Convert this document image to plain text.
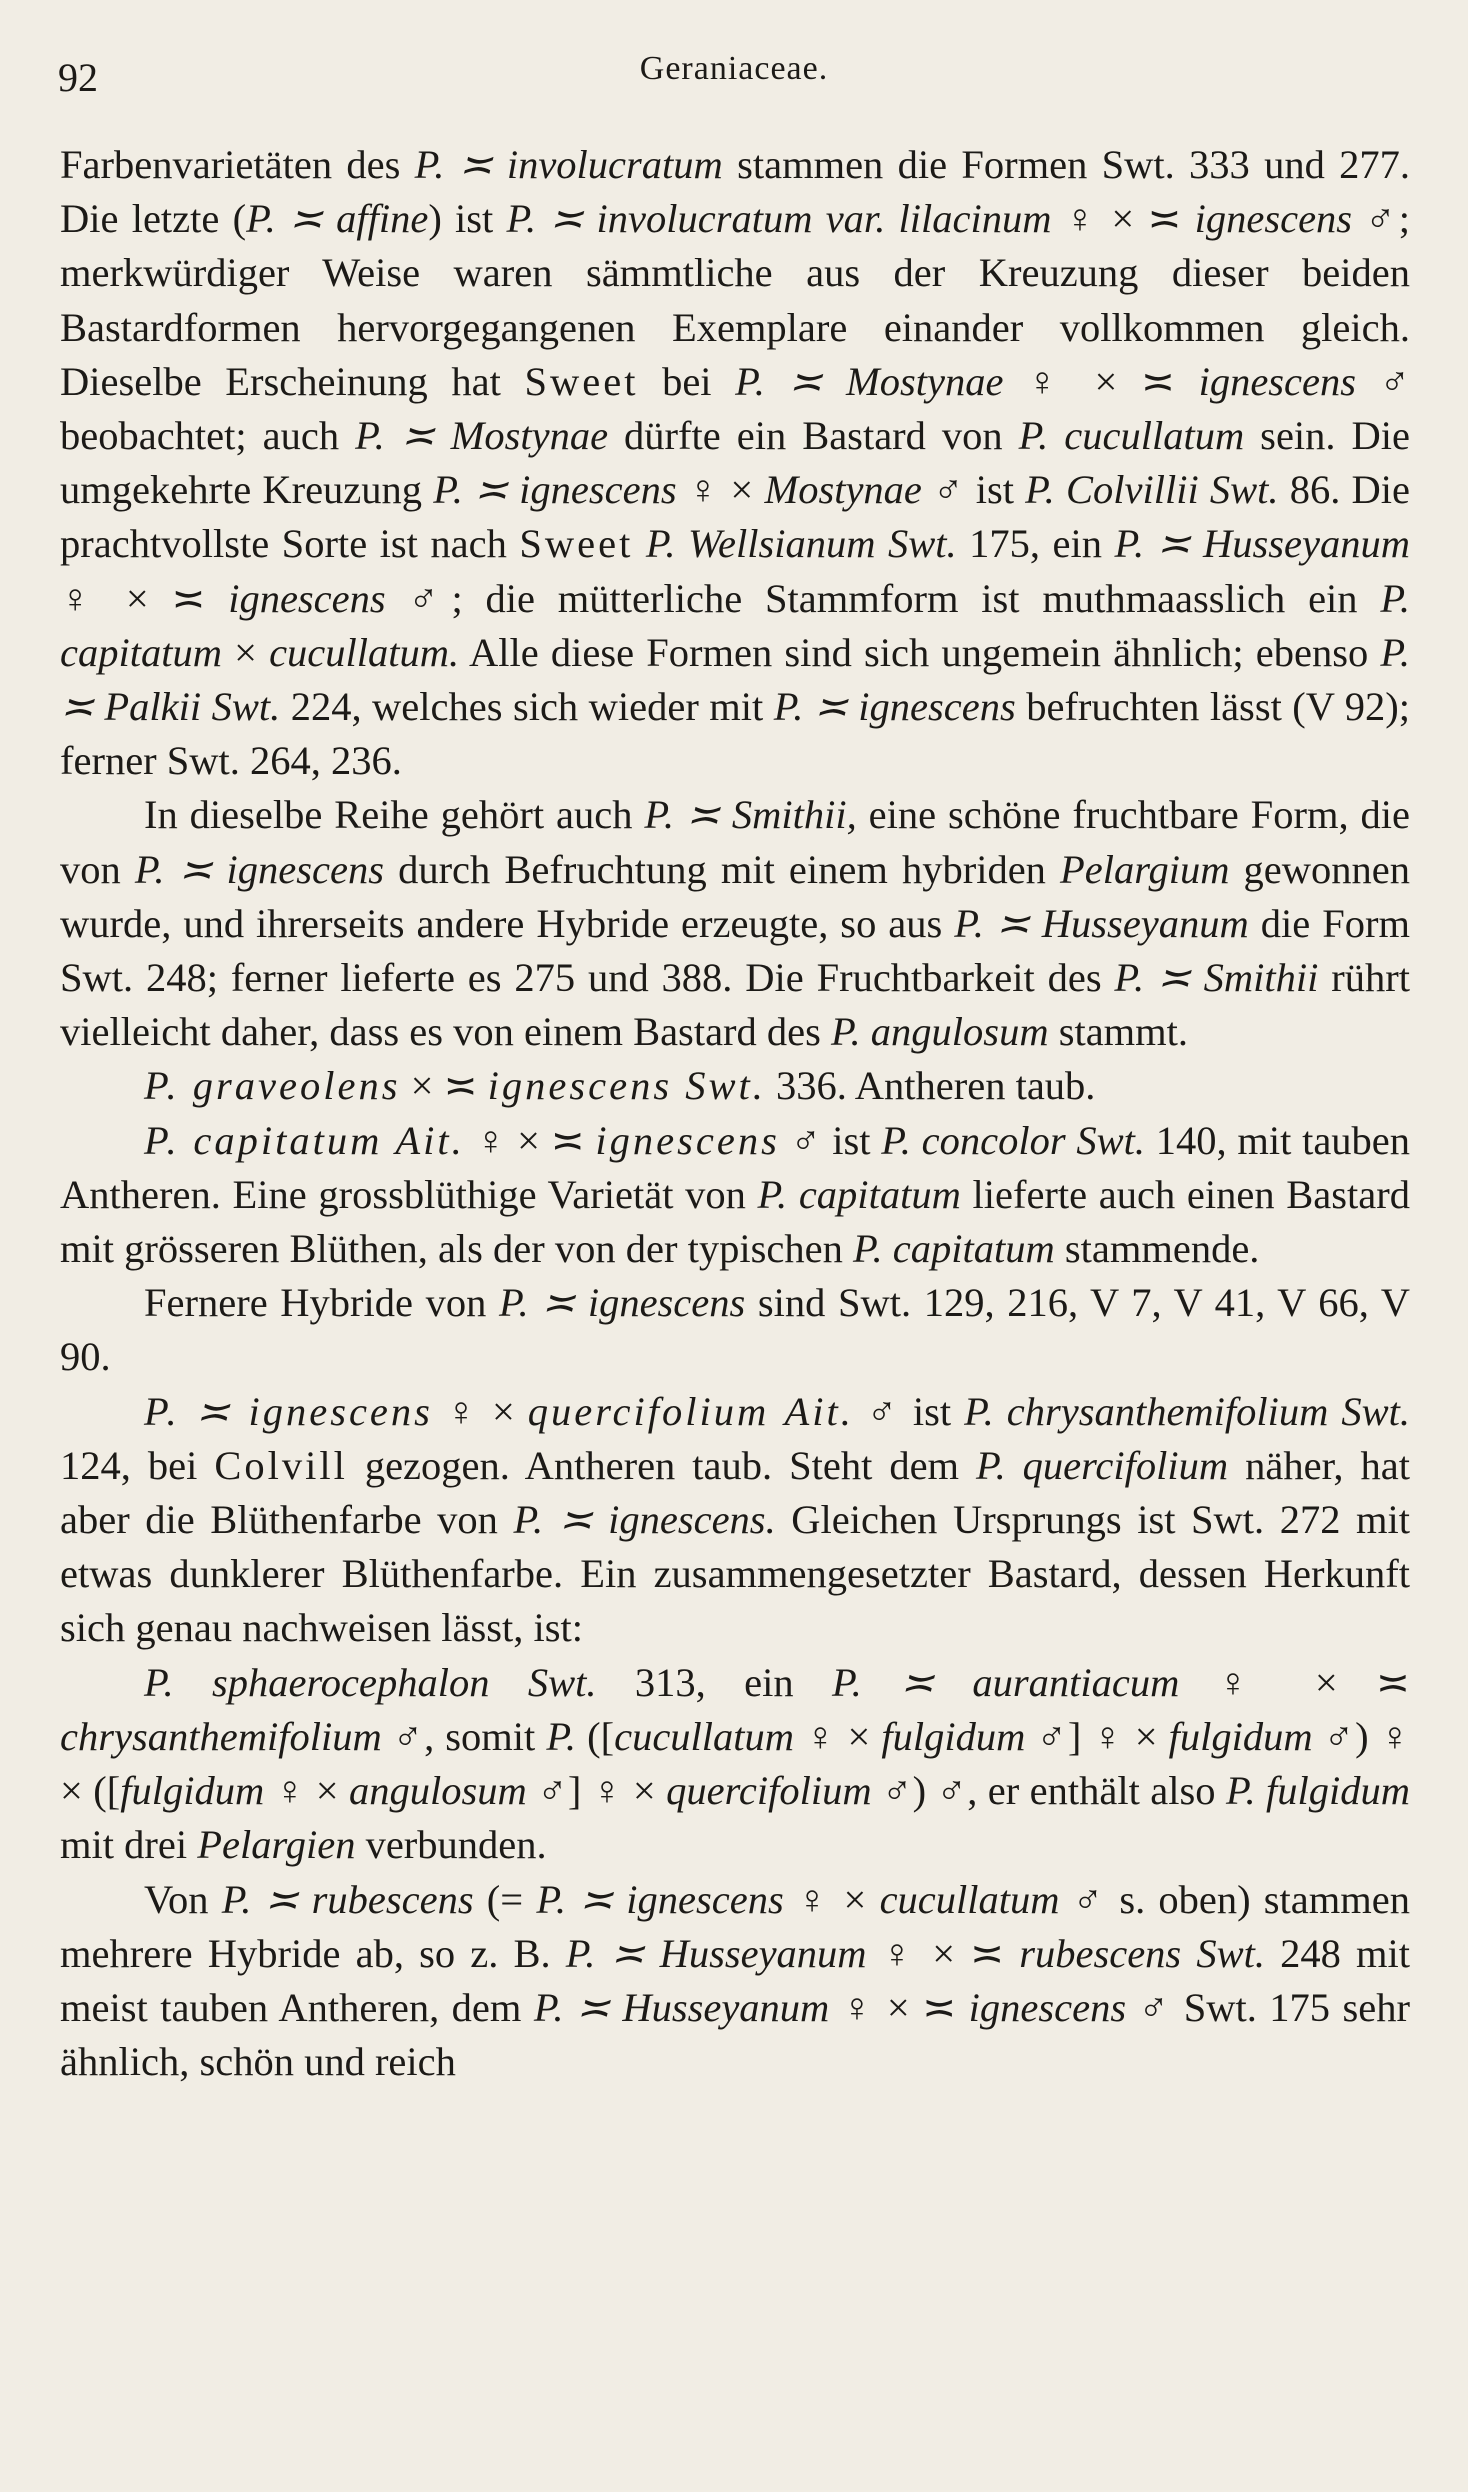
92	Geraniaceae.

Farbenvarietäten des P. ≍ involucratum stammen die Formen Swt. 333 und 277. Die letzte (P. ≍ affine) ist P. ≍ involucratum var. lilacinum ♀ × ≍ ignescens ♂; merkwürdiger Weise waren sämmtliche aus der Kreuzung dieser beiden Bastardformen hervorgegangenen Exemplare einander vollkommen gleich. Dieselbe Erscheinung hat Sweet bei P. ≍ Mostynae ♀ × ≍ ignescens ♂ beobachtet; auch P. ≍ Mostynae dürfte ein Bastard von P. cucullatum sein. Die umgekehrte Kreuzung P. ≍ ignescens ♀ × Mostynae ♂ ist P. Colvillii Swt. 86. Die prachtvollste Sorte ist nach Sweet P. Wellsianum Swt. 175, ein P. ≍ Husseyanum ♀ × ≍ ignescens ♂; die mütterliche Stammform ist muthmaasslich ein P. capitatum × cucullatum. Alle diese Formen sind sich ungemein ähnlich; ebenso P. ≍ Palkii Swt. 224, welches sich wieder mit P. ≍ ignescens befruchten lässt (V 92); ferner Swt. 264, 236.

In dieselbe Reihe gehört auch P. ≍ Smithii, eine schöne fruchtbare Form, die von P. ≍ ignescens durch Befruchtung mit einem hybriden Pelargium gewonnen wurde, und ihrerseits andere Hybride erzeugte, so aus P. ≍ Husseyanum die Form Swt. 248; ferner lieferte es 275 und 388. Die Fruchtbarkeit des P. ≍ Smithii rührt vielleicht daher, dass es von einem Bastard des P. angulosum stammt.

P. graveolens × ≍ ignescens Swt. 336. Antheren taub.

P. capitatum Ait. ♀ × ≍ ignescens ♂ ist P. concolor Swt. 140, mit tauben Antheren. Eine grossblüthige Varietät von P. capitatum lieferte auch einen Bastard mit grösseren Blüthen, als der von der typischen P. capitatum stammende.

Fernere Hybride von P. ≍ ignescens sind Swt. 129, 216, V 7, V 41, V 66, V 90.

P. ≍ ignescens ♀ × quercifolium Ait. ♂ ist P. chrysanthemifolium Swt. 124, bei Colvill gezogen. Antheren taub. Steht dem P. quercifolium näher, hat aber die Blüthenfarbe von P. ≍ ignescens. Gleichen Ursprungs ist Swt. 272 mit etwas dunklerer Blüthenfarbe. Ein zusammengesetzter Bastard, dessen Herkunft sich genau nachweisen lässt, ist:

P. sphaerocephalon Swt. 313, ein P. ≍ aurantiacum ♀ × ≍ chrysanthemifolium ♂, somit P. ([cucullatum ♀ × fulgidum ♂] ♀ × fulgidum ♂) ♀ × ([fulgidum ♀ × angulosum ♂] ♀ × quercifolium ♂) ♂, er enthält also P. fulgidum mit drei Pelargien verbunden.

Von P. ≍ rubescens (= P. ≍ ignescens ♀ × cucullatum ♂ s. oben) stammen mehrere Hybride ab, so z. B. P. ≍ Husseyanum ♀ × ≍ rubescens Swt. 248 mit meist tauben Antheren, dem P. ≍ Husseyanum ♀ × ≍ ignescens ♂ Swt. 175 sehr ähnlich, schön und reich
